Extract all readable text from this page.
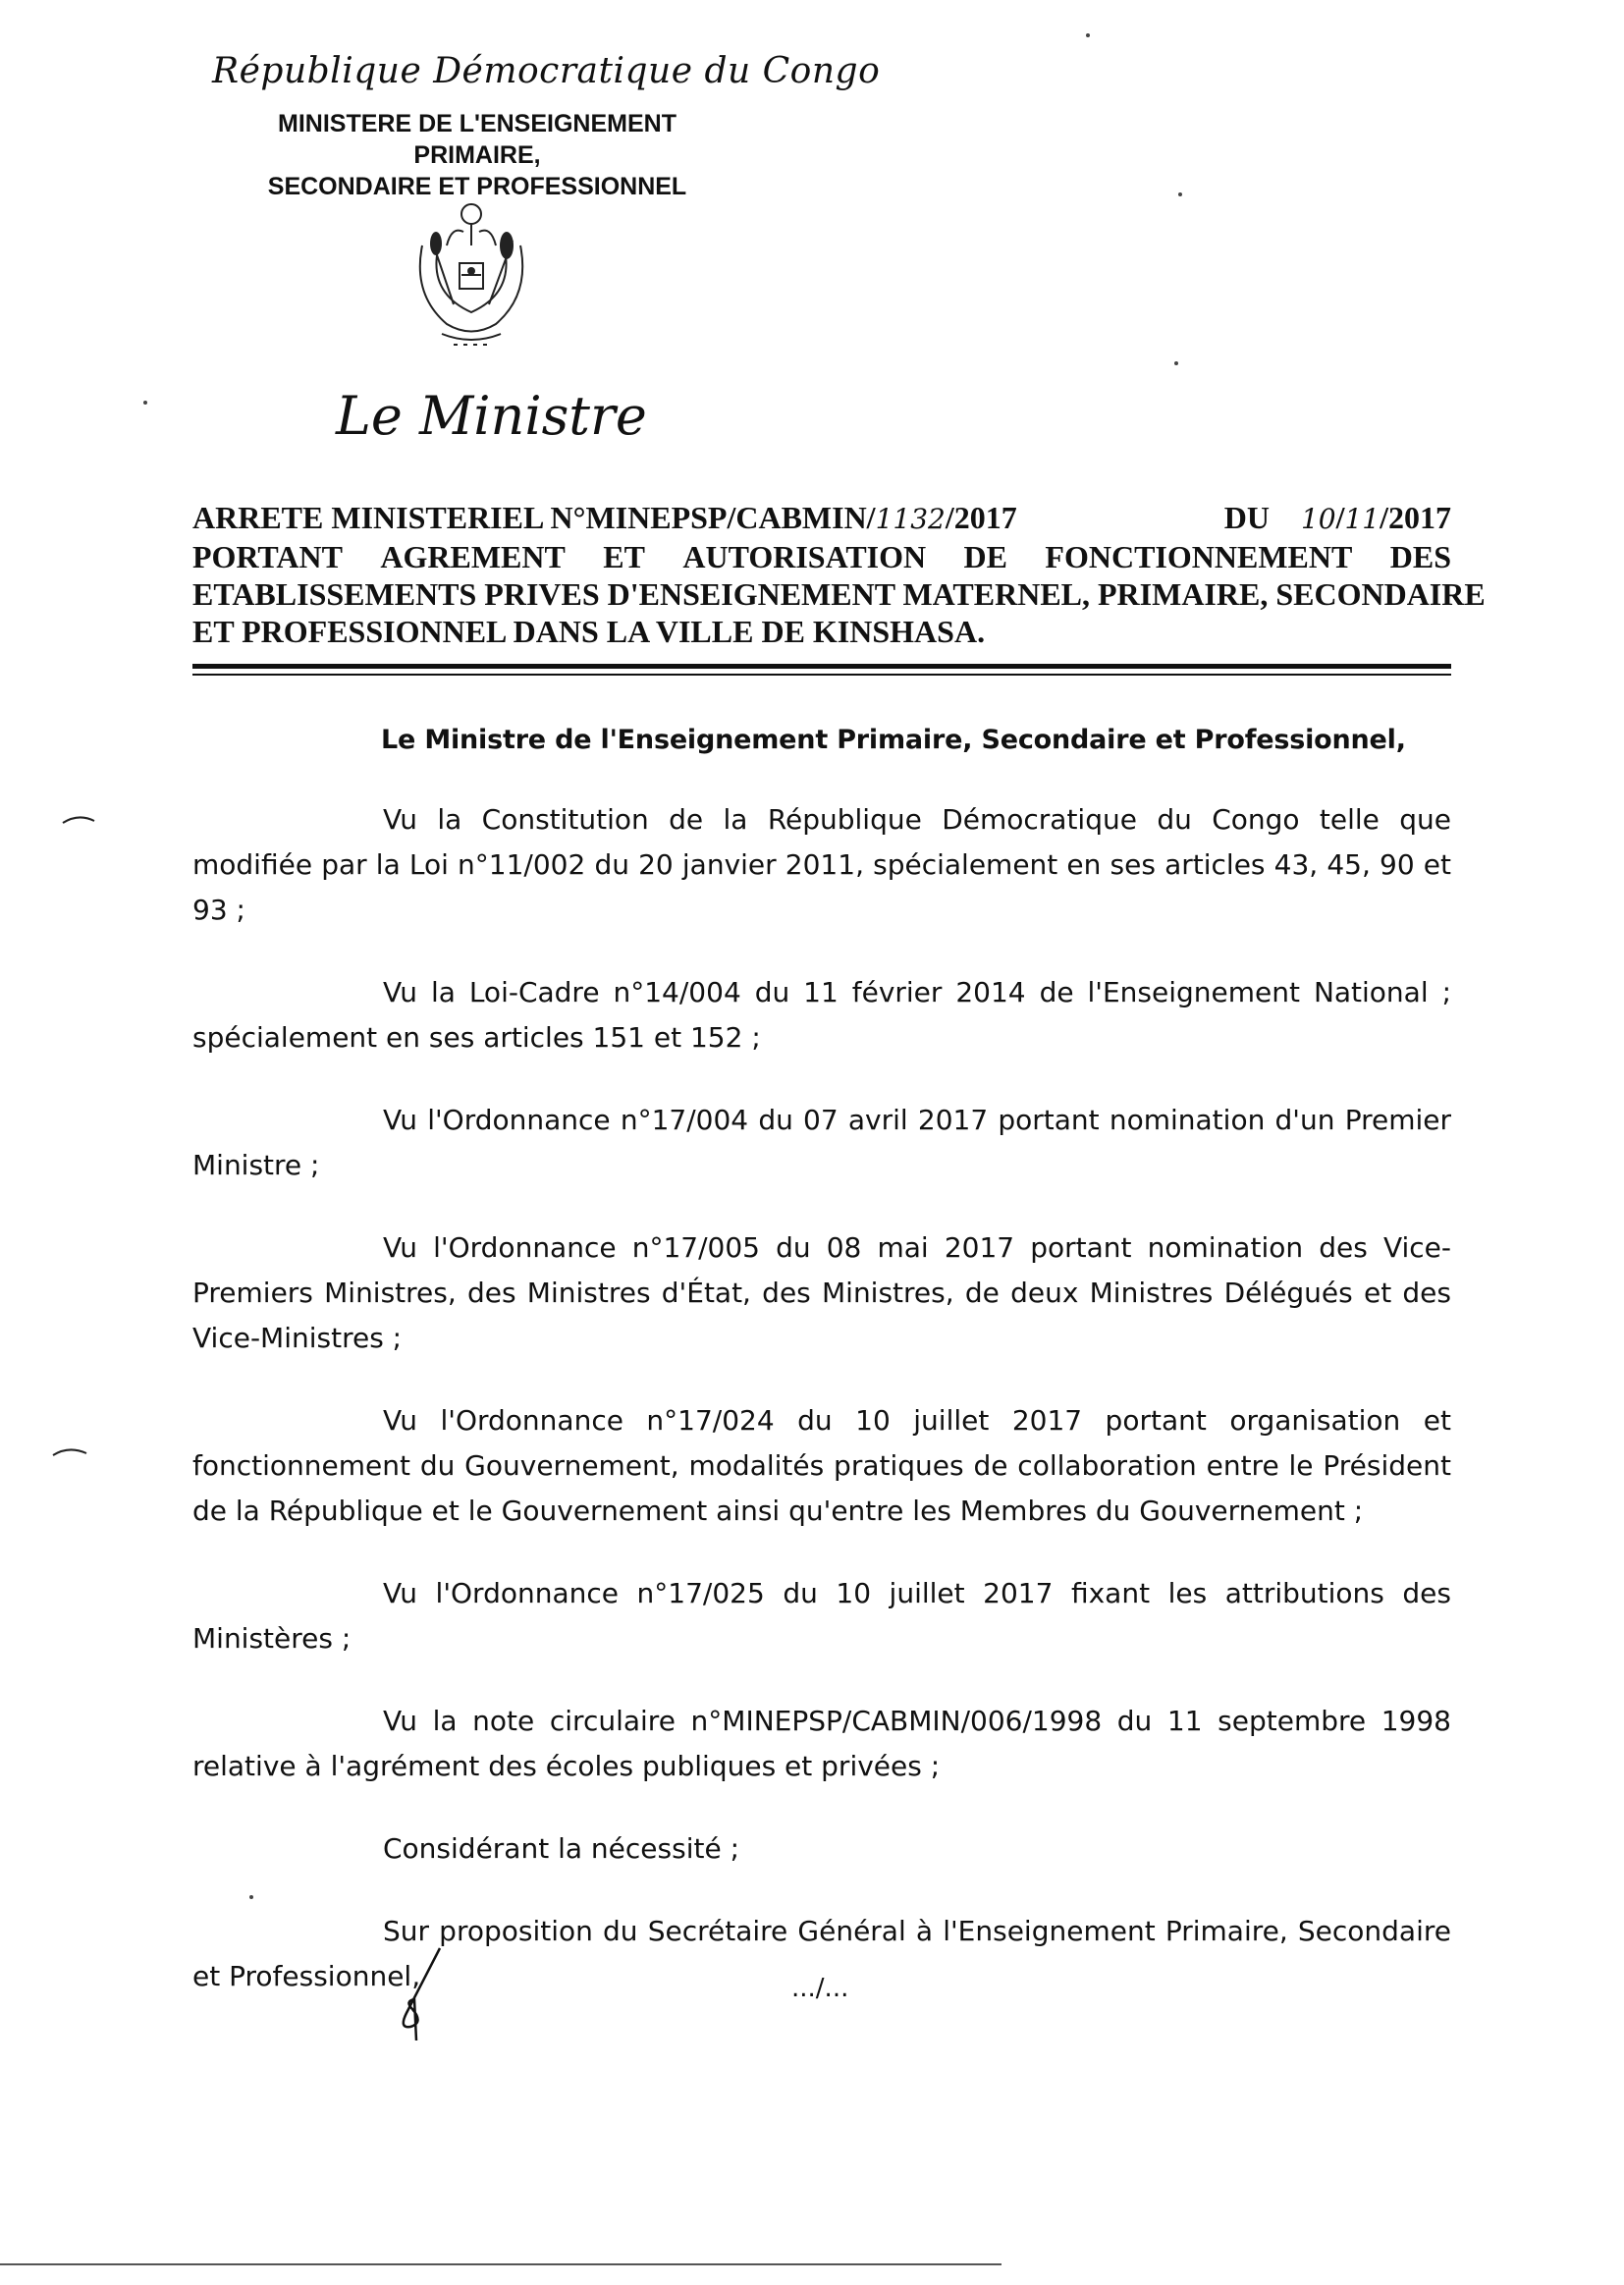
République Démocratique du Congo
MINISTERE DE L'ENSEIGNEMENT PRIMAIRE,
SECONDAIRE ET PROFESSIONNEL
Le Ministre
ARRETE MINISTERIEL N°MINEPSP/CABMIN/1132/2017	DU 10/11/2017
PORTANT AGREMENT ET AUTORISATION DE FONCTIONNEMENT DES
ETABLISSEMENTS PRIVES D'ENSEIGNEMENT MATERNEL, PRIMAIRE, SECONDAIRE
ET PROFESSIONNEL DANS LA VILLE DE KINSHASA.
Le Ministre de l'Enseignement Primaire, Secondaire et Professionnel,

Vu la Constitution de la République Démocratique du Congo telle que modifiée par la Loi n°11/002 du 20 janvier 2011, spécialement en ses articles 43, 45, 90 et 93 ;

Vu la Loi-Cadre n°14/004 du 11 février 2014 de l'Enseignement National ; spécialement en ses articles 151 et 152 ;

Vu l'Ordonnance n°17/004 du 07 avril 2017 portant nomination d'un Premier Ministre ;

Vu l'Ordonnance n°17/005 du 08 mai 2017 portant nomination des Vice-Premiers Ministres, des Ministres d'État, des Ministres, de deux Ministres Délégués et des Vice-Ministres ;

Vu l'Ordonnance n°17/024 du 10 juillet 2017 portant organisation et fonctionnement du Gouvernement, modalités pratiques de collaboration entre le Président de la République et le Gouvernement ainsi qu'entre les Membres du Gouvernement ;

Vu l'Ordonnance n°17/025 du 10 juillet 2017 fixant les attributions des Ministères ;

Vu la note circulaire n°MINEPSP/CABMIN/006/1998 du 11 septembre 1998 relative à l'agrément des écoles publiques et privées ;

Considérant la nécessité ;

Sur proposition du Secrétaire Général à l'Enseignement Primaire, Secondaire et Professionnel,	.../...
